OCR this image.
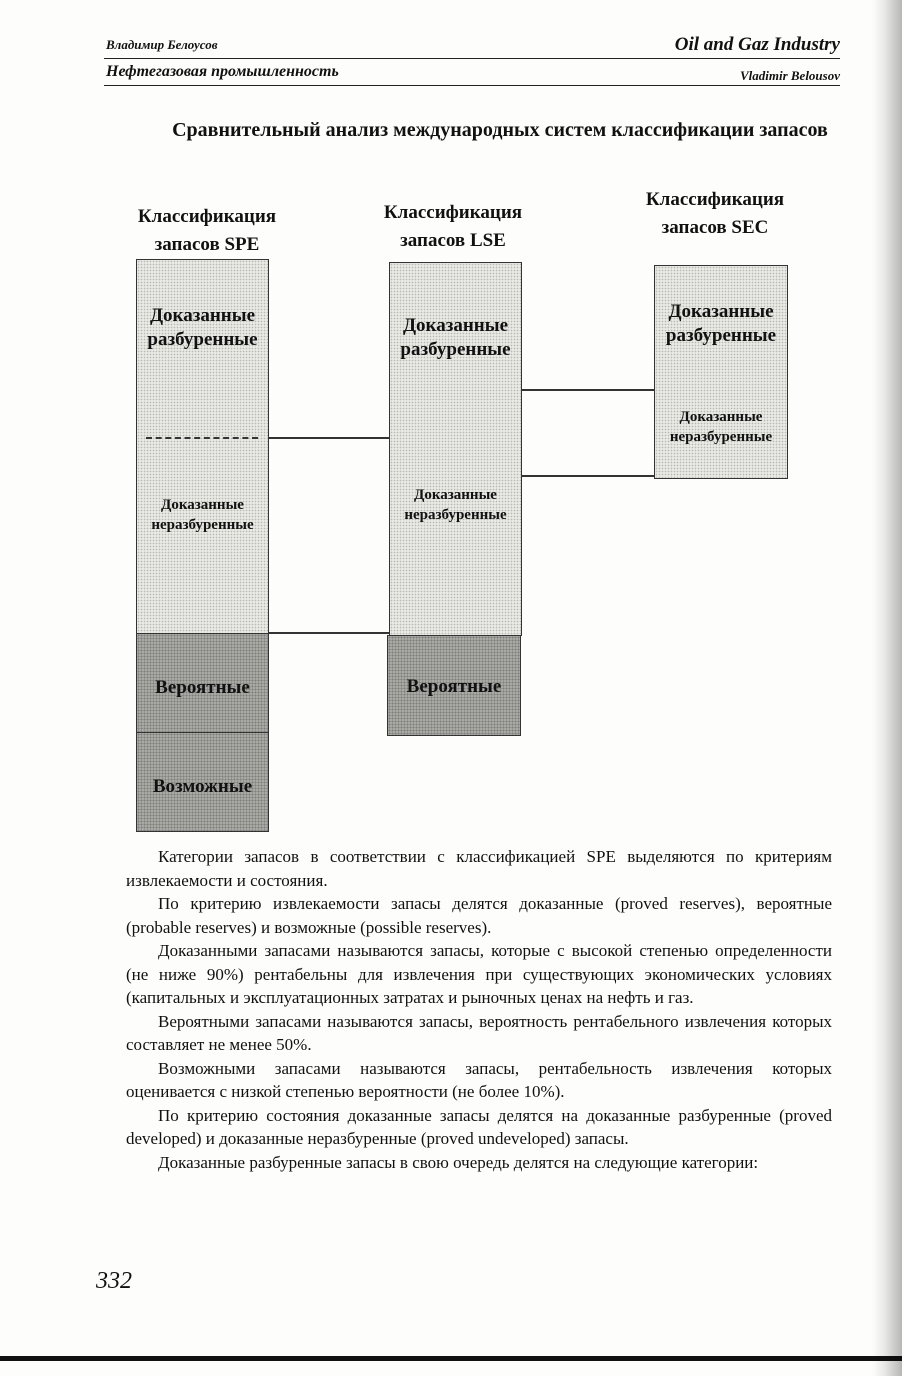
Владимир Белоусов	Oil and Gaz Industry
Нефтегазовая промышленность	Vladimir Belousov
Сравнительный анализ международных систем классификации запасов
Классификация
запасов SPE
Классификация
запасов LSE
Классификация
запасов SEC
Доказанные
разбуренные
Доказанные
неразбуренные
Вероятные
Возможные
Доказанные
разбуренные
Доказанные
неразбуренные
Вероятные
Доказанные
разбуренные
Доказанные
неразбуренные

Категории запасов в соответствии с классификацией SPE выделяются по критериям извлекаемости и состояния.

По критерию извлекаемости запасы делятся доказанные (proved reserves), вероятные (probable reserves) и возможные (possible reserves).

Доказанными запасами называются запасы, которые с высокой степенью определенности (не ниже 90%) рентабельны для извлечения при существующих экономических условиях (капитальных и эксплуатационных затратах и рыночных ценах на нефть и газ.

Вероятными запасами называются запасы, вероятность рентабельного извлечения которых составляет не менее 50%.

Возможными запасами называются запасы, рентабельность извлечения которых оценивается с низкой степенью вероятности (не более 10%).

По критерию состояния доказанные запасы делятся на доказанные разбуренные (proved developed) и доказанные неразбуренные (proved undeveloped) запасы.

Доказанные разбуренные запасы в свою очередь делятся на следующие категории:

332
